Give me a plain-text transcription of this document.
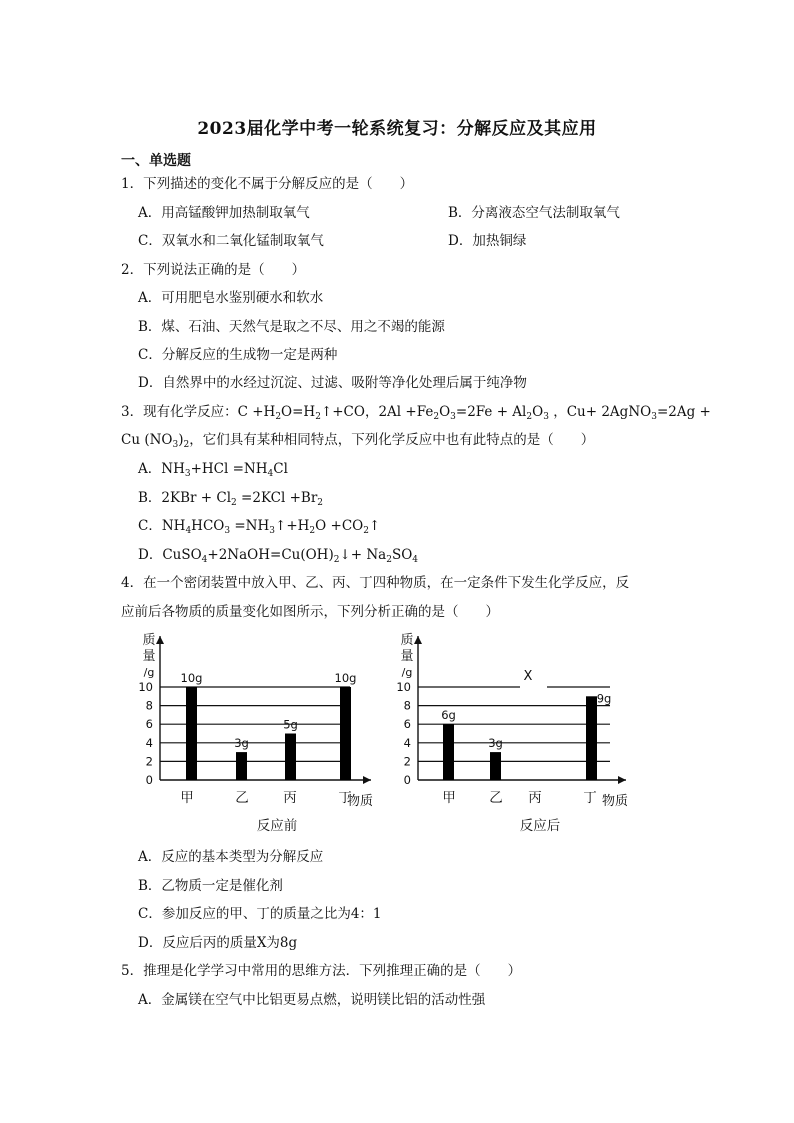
2023届化学中考一轮系统复习：分解反应及其应用
一、单选题
1．下列描述的变化不属于分解反应的是（　　）
A．用高锰酸钾加热制取氧气	B．分离液态空气法制取氧气
C．双氧水和二氧化锰制取氧气	D．加热铜绿
2．下列说法正确的是（　　）
A．可用肥皂水鉴别硬水和软水
B．煤、石油、天然气是取之不尽、用之不竭的能源
C．分解反应的生成物一定是两种
D．自然界中的水经过沉淀、过滤、吸附等净化处理后属于纯净物
3．现有化学反应：$C +H_2O=H_2↑+CO$，$2Al +Fe_2O_3=2Fe + Al_2O_3$ ，Cu+ 2AgNO$_3$=2Ag +
Cu $(NO_3)_2$，它们具有某种相同特点，下列化学反应中也有此特点的是（　　）
A．$NH_3+HCl =NH_4Cl$
B．$2KBr + Cl_2 =2KCl +Br_2$
C．$NH_4HCO_3$ $=NH_3↑+H_2O$ $+CO_2↑$
D．$CuSO_4+2NaOH=Cu(OH)_2↓+ Na_2SO_4$
4．在一个密闭装置中放入甲、乙、丙、丁四种物质，在一定条件下发生化学反应，反
应前后各物质的质量变化如图所示，下列分析正确的是（　　）
0
2
4
6
8
10
质
量
/g 10g
3g
5g
10g
甲	乙	丙	丁
物质
反应前
0
2
4
6
8
10
质
量
/g
6g
3g
9g
X
甲 乙 丙	丁 物质
反应后
A．反应的基本类型为分解反应
B．乙物质一定是催化剂
C．参加反应的甲、丁的质量之比为4：1
D．反应后丙的质量X为8g
5．推理是化学学习中常用的思维方法．下列推理正确的是（　　）
A．金属镁在空气中比铝更易点燃，说明镁比铝的活动性强
